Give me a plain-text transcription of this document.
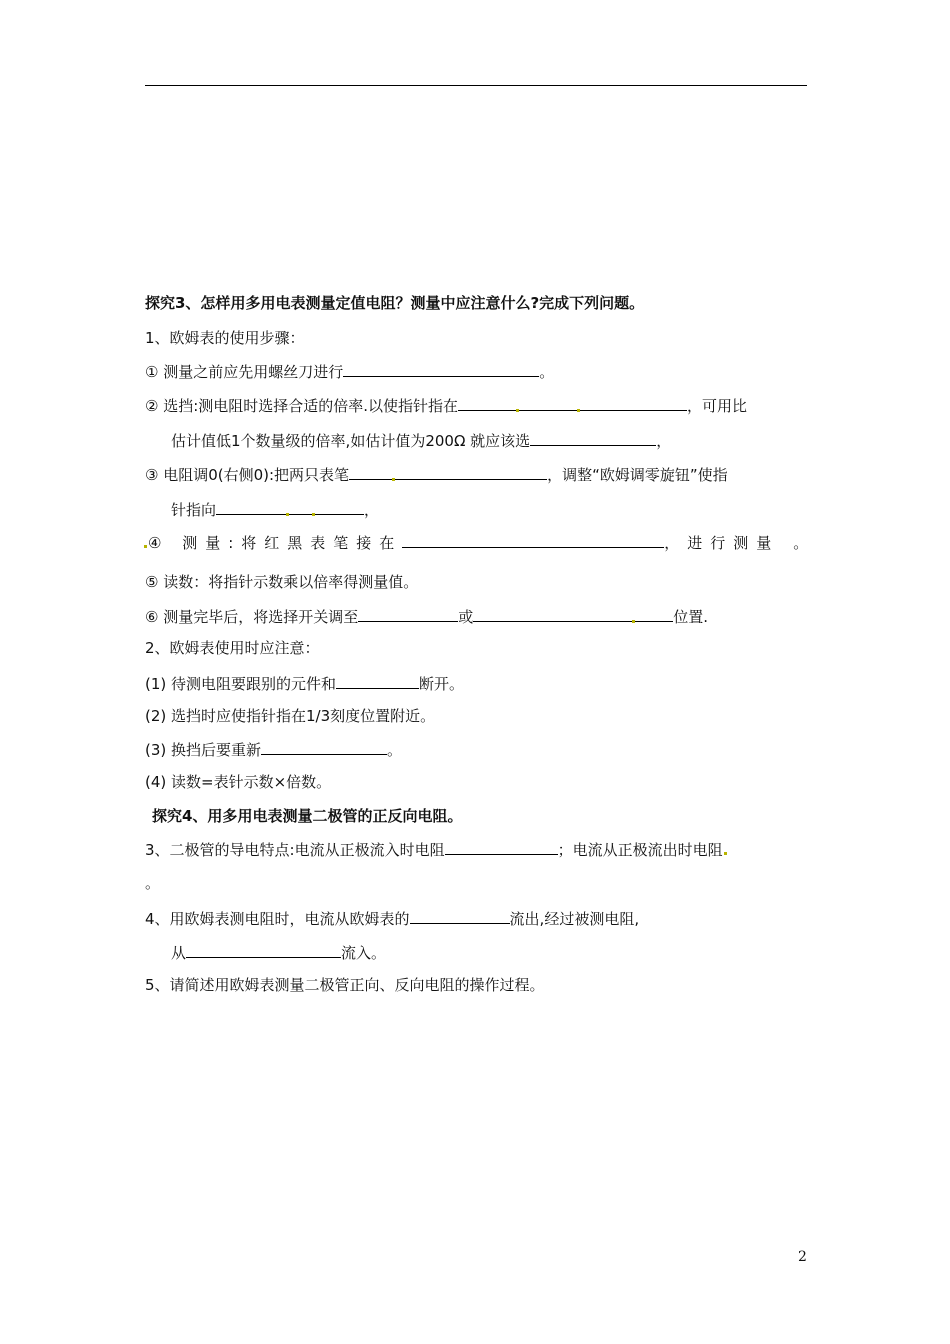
探究3、怎样用多用电表测量定值电阻？测量中应注意什么?完成下列问题。
1、欧姆表的使用步骤：
① 测量之前应先用螺丝刀进行	。
② 选挡:测电阻时选择合适的倍率.以使指针指在	，可用比
估计值低1个数量级的倍率,如估计值为200Ω 就应该选	，
③ 电阻调0(右侧0):把两只表笔	，调整“欧姆调零旋钮”使指
针指向	，
④ 测量:将红黑表笔接在	，进行测量 。
⑤ 读数：将指针示数乘以倍率得测量值。
⑥ 测量完毕后，将选择开关调至	或	位置.
2、欧姆表使用时应注意：
(1) 待测电阻要跟别的元件和	断开。
(2) 选挡时应使指针指在1/3刻度位置附近。
(3) 换挡后要重新	。
(4) 读数=表针示数×倍数。
探究4、用多用电表测量二极管的正反向电阻。
3、二极管的导电特点:电流从正极流入时电阻	；电流从正极流出时电阻
。
4、用欧姆表测电阻时，电流从欧姆表的	流出,经过被测电阻,
从	流入。
5、请简述用欧姆表测量二极管正向、反向电阻的操作过程。
2
